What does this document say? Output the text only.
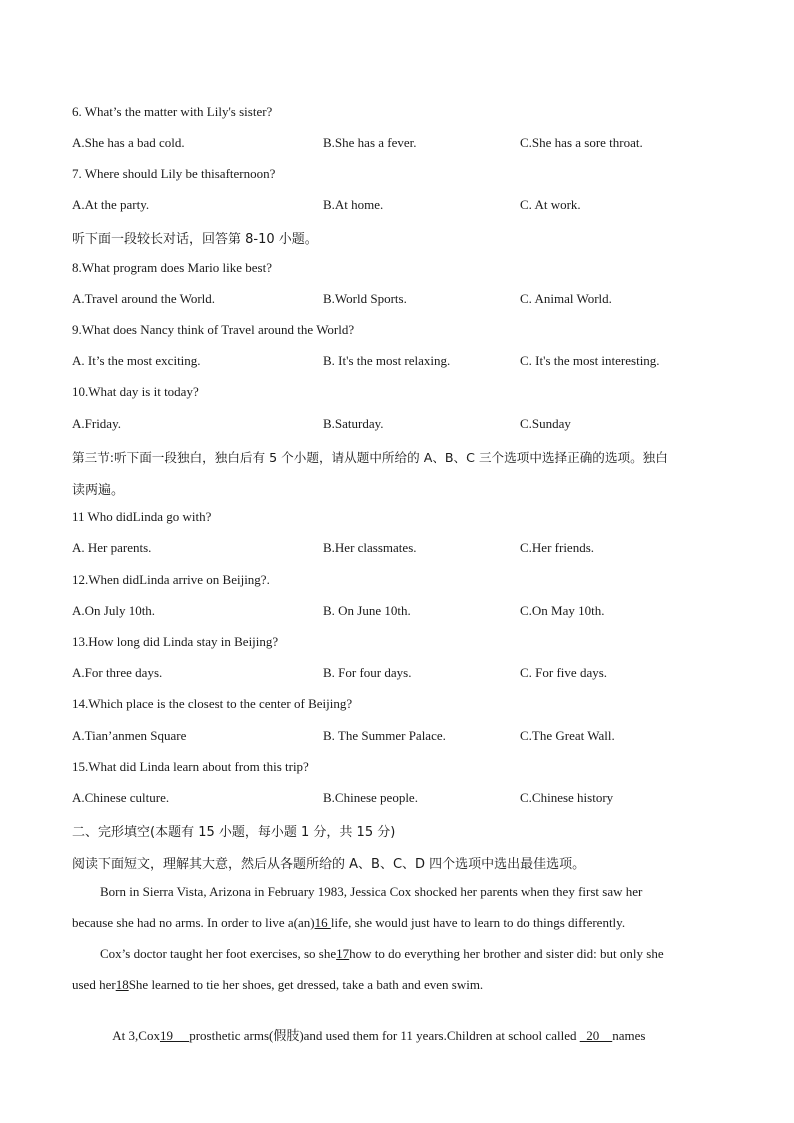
6. What’s the matter with Lily's sister?
A.She has a bad cold.	B.She has a fever.	C.She has a sore throat.
7. Where should Lily be thisafternoon?
A.At the party.	B.At home.	C. At work.
听下面一段较长对话，回答第 8-10 小题。
8.What program does Mario like best?
A.Travel around the World.	B.World Sports.	C. Animal World.
9.What does Nancy think of Travel around the World?
A. It’s the most exciting.	B. It's the most relaxing.	C. It's the most interesting.
10.What day is it today?
A.Friday.	B.Saturday.	C.Sunday
第三节:听下面一段独白，独白后有 5 个小题，请从题中所给的 A、B、C 三个选项中选择正确的选项。独白
读两遍。
11 Who didLinda go with?
A. Her parents.	B.Her classmates.	C.Her friends.
12.When didLinda arrive on Beijing?.
A.On July 10th.	B. On June 10th.	C.On May 10th.
13.How long did Linda stay in Beijing?
A.For three days.	B. For four days.	C. For five days.
14.Which place is the closest to the center of Beijing?
A.Tian’anmen Square	B. The Summer Palace.	C.The Great Wall.
15.What did Linda learn about from this trip?
A.Chinese culture.	B.Chinese people.	C.Chinese history
二、完形填空(本题有 15 小题，每小题 1 分，共 15 分)
阅读下面短文，理解其大意，然后从各题所给的 A、B、C、D 四个选项中选出最佳选项。
Born in Sierra Vista, Arizona in February 1983, Jessica Cox shocked her parents when they first saw her
because she had no arms. In order to live a(an)16 life, she would just have to learn to do things differently.
Cox’s doctor taught her foot exercises, so she17how to do everything her brother and sister did: but only she
used her18She learned to tie her shoes, get dressed, take a bath and even swim.

At 3,Cox19     prosthetic arms(假肢)and used them for 11 years.Children at school called   20    names
